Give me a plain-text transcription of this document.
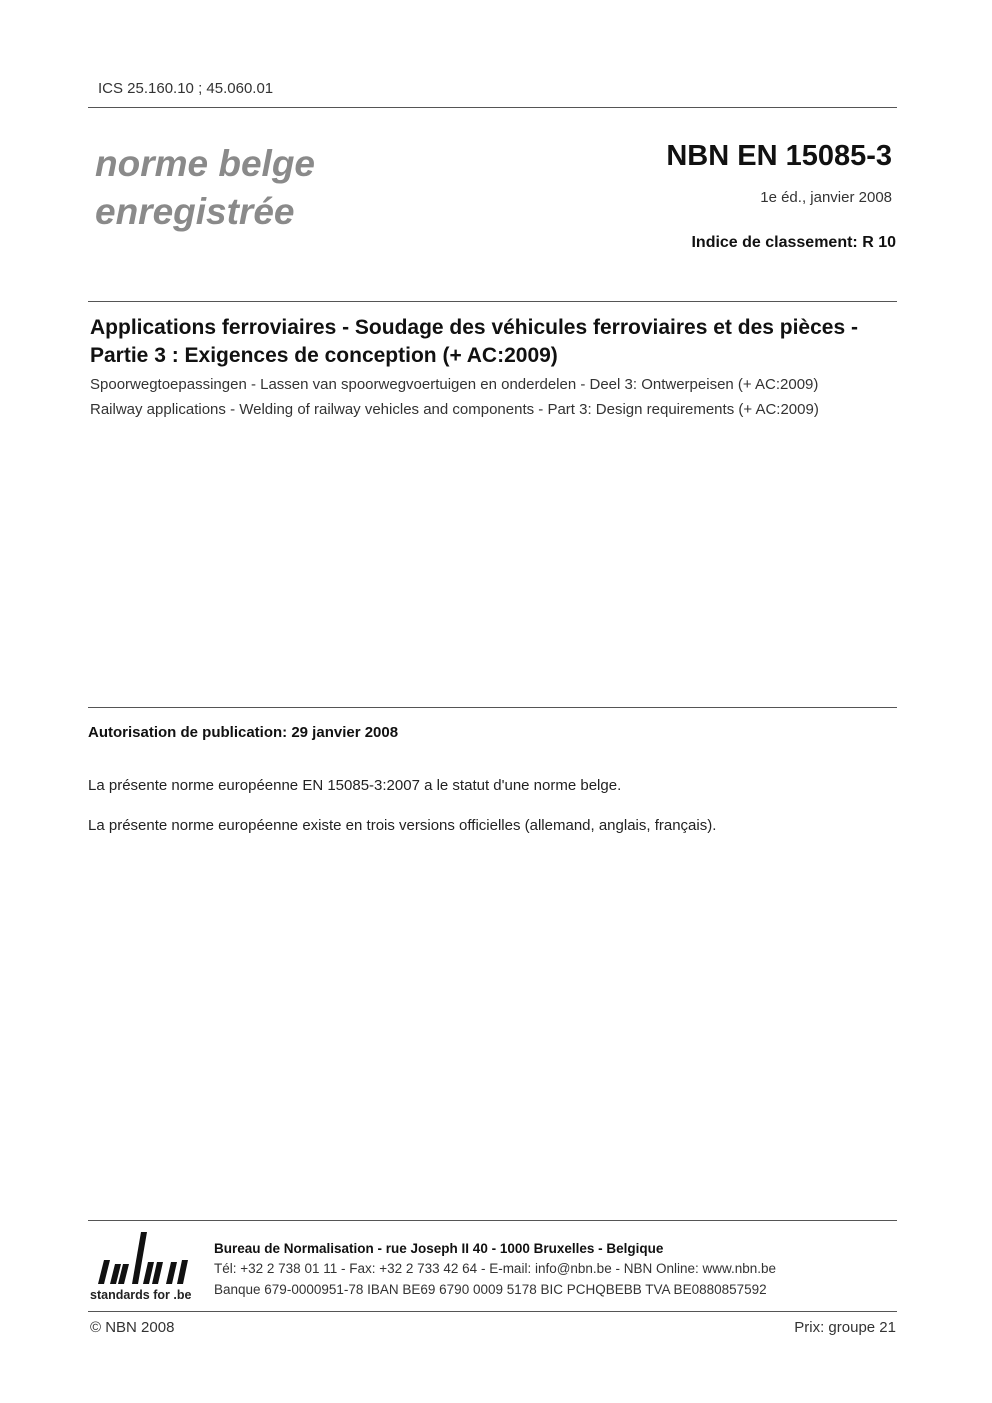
ICS 25.160.10 ; 45.060.01
norme belge
enregistrée
NBN EN 15085-3
1e éd., janvier 2008
Indice de classement: R 10
Applications ferroviaires - Soudage des véhicules ferroviaires et des pièces - Partie 3 : Exigences de conception (+ AC:2009)
Spoorwegtoepassingen - Lassen van spoorwegvoertuigen en onderdelen - Deel 3: Ontwerpeisen (+ AC:2009)
Railway applications - Welding of railway vehicles and components - Part 3: Design requirements (+ AC:2009)
Autorisation de publication: 29 janvier 2008
La présente norme européenne EN 15085-3:2007 a le statut d'une norme belge.
La présente norme européenne existe en trois versions officielles (allemand, anglais, français).
standards for .be
Bureau de Normalisation - rue Joseph II 40 - 1000 Bruxelles - Belgique
Tél: +32 2 738 01 11 - Fax: +32 2 733 42 64 - E-mail: info@nbn.be - NBN Online: www.nbn.be
Banque 679-0000951-78 IBAN BE69 6790 0009 5178 BIC PCHQBEBB TVA BE0880857592
© NBN 2008	Prix: groupe 21
